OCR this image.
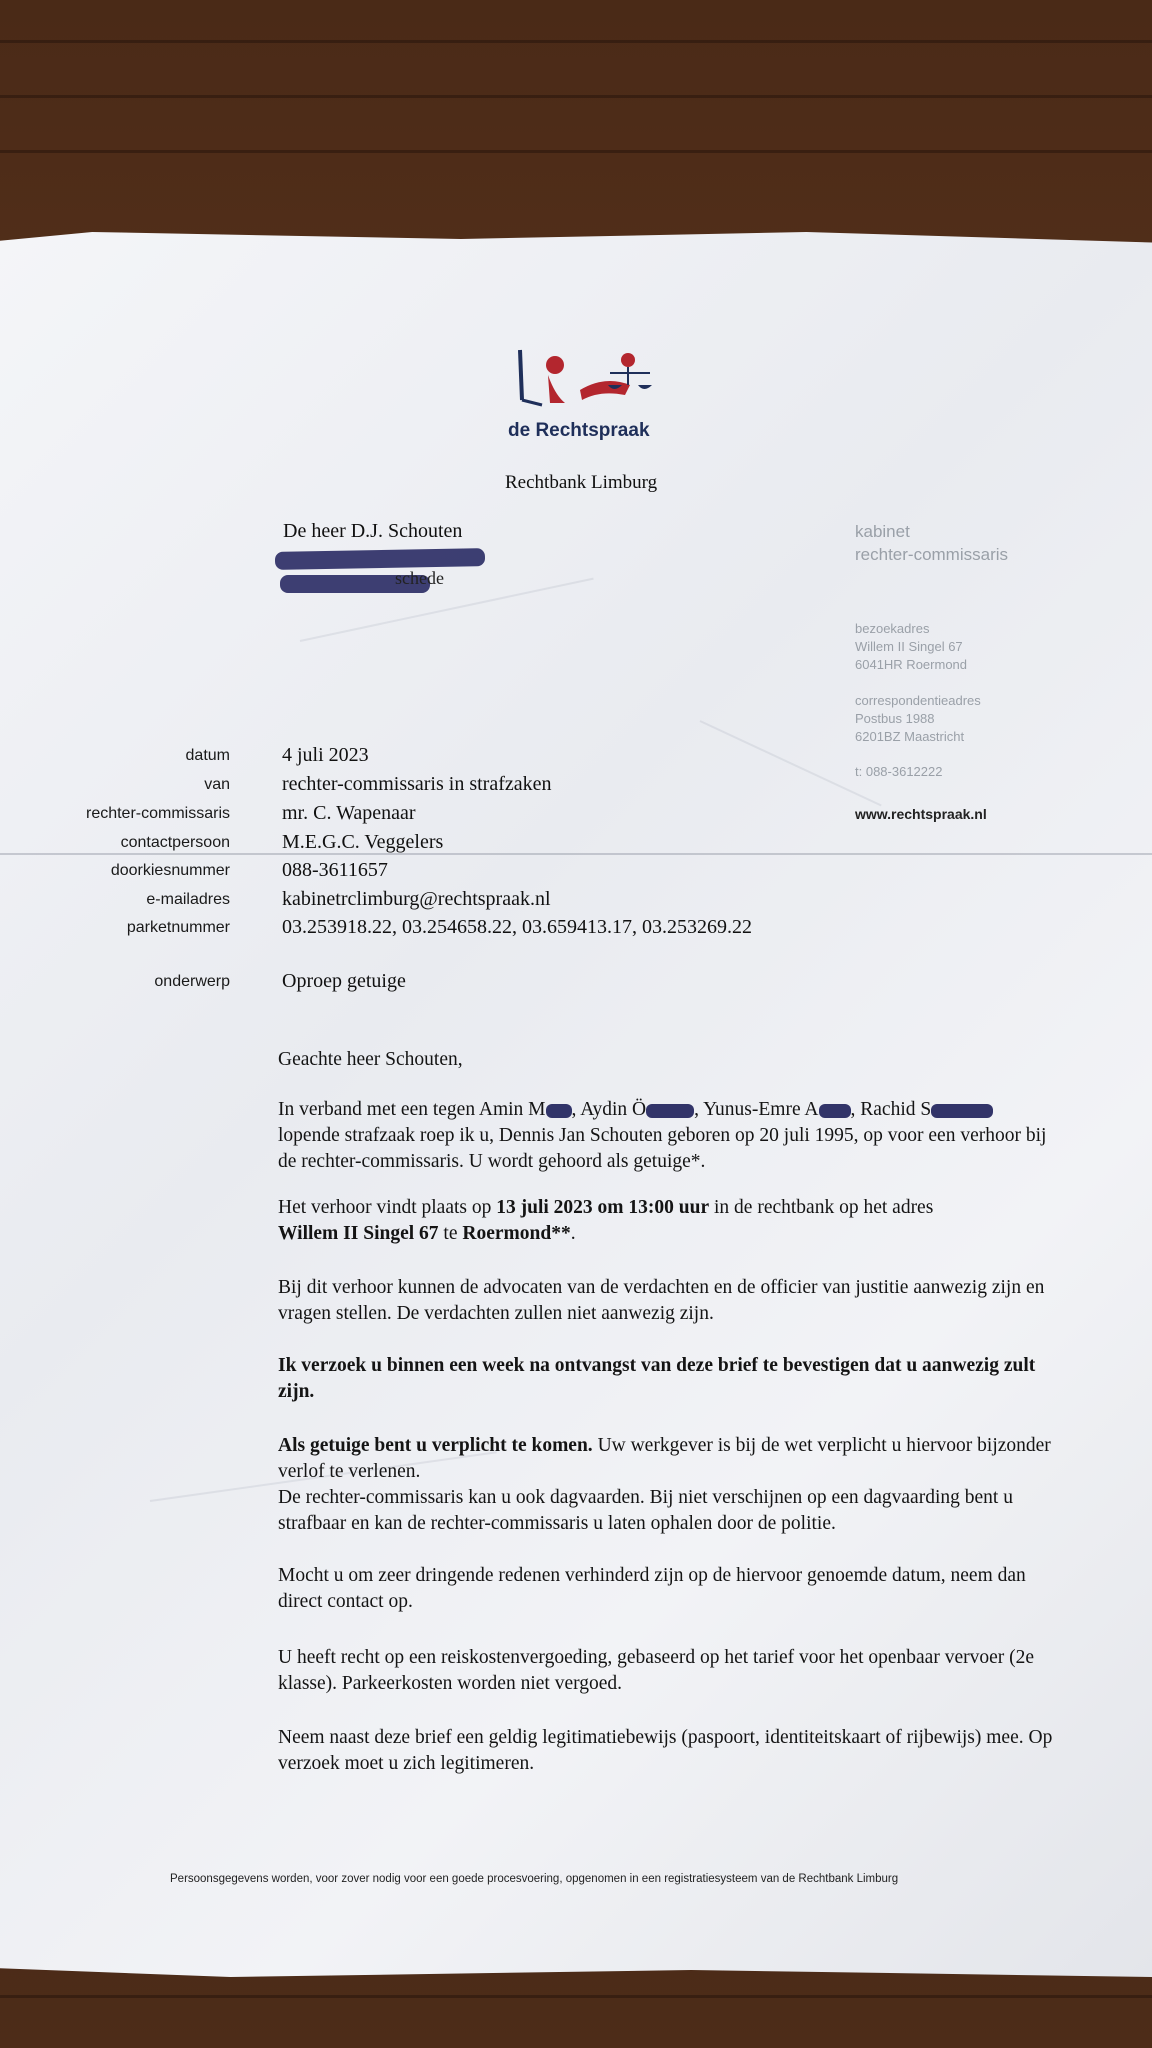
de Rechtspraak
Rechtbank Limburg
De heer D.J. Schouten
schede
kabinet
rechter-commissaris
bezoekadres
Willem II Singel 67
6041HR Roermond
correspondentieadres
Postbus 1988
6201BZ Maastricht
t: 088-3612222
www.rechtspraak.nl
datum	4 juli 2023
van	rechter-commissaris in strafzaken
rechter-commissaris	mr. C. Wapenaar
contactpersoon	M.E.G.C. Veggelers
doorkiesnummer	088-3611657
e-mailadres	kabinetrclimburg@rechtspraak.nl
parketnummer	03.253918.22, 03.254658.22, 03.659413.17, 03.253269.22
onderwerp	Oproep getuige
Geachte heer Schouten,
In verband met een tegen Amin M , Aydin Ö , Yunus-Emre A , Rachid S
lopende strafzaak roep ik u, Dennis Jan Schouten geboren op 20 juli 1995, op voor een verhoor bij de rechter-commissaris. U wordt gehoord als getuige*.
Het verhoor vindt plaats op 13 juli 2023 om 13:00 uur in de rechtbank op het adres
Willem II Singel 67 te Roermond**.
Bij dit verhoor kunnen de advocaten van de verdachten en de officier van justitie aanwezig zijn en vragen stellen. De verdachten zullen niet aanwezig zijn.
Ik verzoek u binnen een week na ontvangst van deze brief te bevestigen dat u aanwezig zult zijn.
Als getuige bent u verplicht te komen. Uw werkgever is bij de wet verplicht u hiervoor bijzonder verlof te verlenen.
De rechter-commissaris kan u ook dagvaarden. Bij niet verschijnen op een dagvaarding bent u strafbaar en kan de rechter-commissaris u laten ophalen door de politie.
Mocht u om zeer dringende redenen verhinderd zijn op de hiervoor genoemde datum, neem dan direct contact op.
U heeft recht op een reiskostenvergoeding, gebaseerd op het tarief voor het openbaar vervoer (2e klasse). Parkeerkosten worden niet vergoed.
Neem naast deze brief een geldig legitimatiebewijs (paspoort, identiteitskaart of rijbewijs) mee. Op verzoek moet u zich legitimeren.
Persoonsgegevens worden, voor zover nodig voor een goede procesvoering, opgenomen in een registratiesysteem van de Rechtbank Limburg
